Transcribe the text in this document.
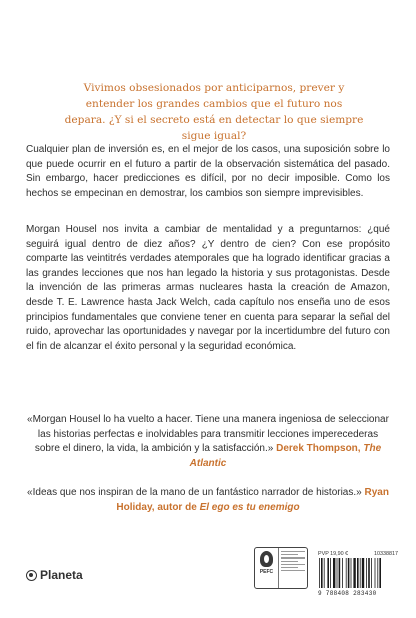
Vivimos obsesionados por anticiparnos, prever y entender los grandes cambios que el futuro nos depara. ¿Y si el secreto está en detectar lo que siempre sigue igual?
Cualquier plan de inversión es, en el mejor de los casos, una suposición sobre lo que puede ocurrir en el futuro a partir de la observación sistemática del pasado. Sin embargo, hacer predicciones es difícil, por no decir imposible. Como los hechos se empecinan en demostrar, los cambios son siempre imprevisibles.
Morgan Housel nos invita a cambiar de mentalidad y a preguntarnos: ¿qué seguirá igual dentro de diez años? ¿Y dentro de cien? Con ese propósito comparte las veintitrés verdades atemporales que ha logrado identificar gracias a las grandes lecciones que nos han legado la historia y sus protagonistas. Desde la invención de las primeras armas nucleares hasta la creación de Amazon, desde T. E. Lawrence hasta Jack Welch, cada capítulo nos enseña uno de esos principios fundamentales que conviene tener en cuenta para separar la señal del ruido, aprovechar las oportunidades y navegar por la incertidumbre del futuro con el fin de alcanzar el éxito personal y la seguridad económica.
«Morgan Housel lo ha vuelto a hacer. Tiene una manera ingeniosa de seleccionar las historias perfectas e inolvidables para transmitir lecciones imperecederas sobre el dinero, la vida, la ambición y la satisfacción.» Derek Thompson, The Atlantic
«Ideas que nos inspiran de la mano de un fantástico narrador de historias.» Ryan Holiday, autor de El ego es tu enemigo
Planeta	PEFC
PVP 19,90 €	10338817
9 788408 283430
